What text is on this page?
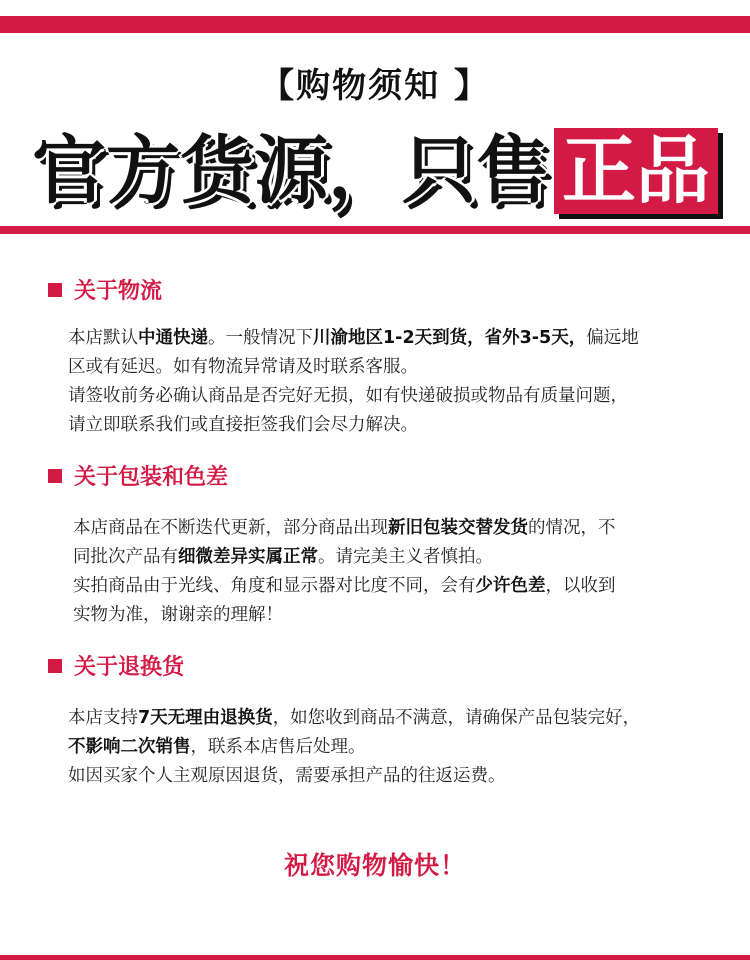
【购物须知 】
官方货源，只售 正品
关于物流

本店默认中通快递。一般情况下川渝地区1-2天到货，省外3-5天，偏远地

区或有延迟。如有物流异常请及时联系客服。

请签收前务必确认商品是否完好无损，如有快递破损或物品有质量问题，

请立即联系我们或直接拒签我们会尽力解决。

关于包装和色差

本店商品在不断迭代更新，部分商品出现新旧包装交替发货的情况，不

同批次产品有细微差异实属正常。请完美主义者慎拍。

实拍商品由于光线、角度和显示器对比度不同，会有少许色差，以收到

实物为准，谢谢亲的理解！

关于退换货

本店支持7天无理由退换货，如您收到商品不满意，请确保产品包装完好，

不影响二次销售，联系本店售后处理。

如因买家个人主观原因退货，需要承担产品的往返运费。

祝您购物愉快！
